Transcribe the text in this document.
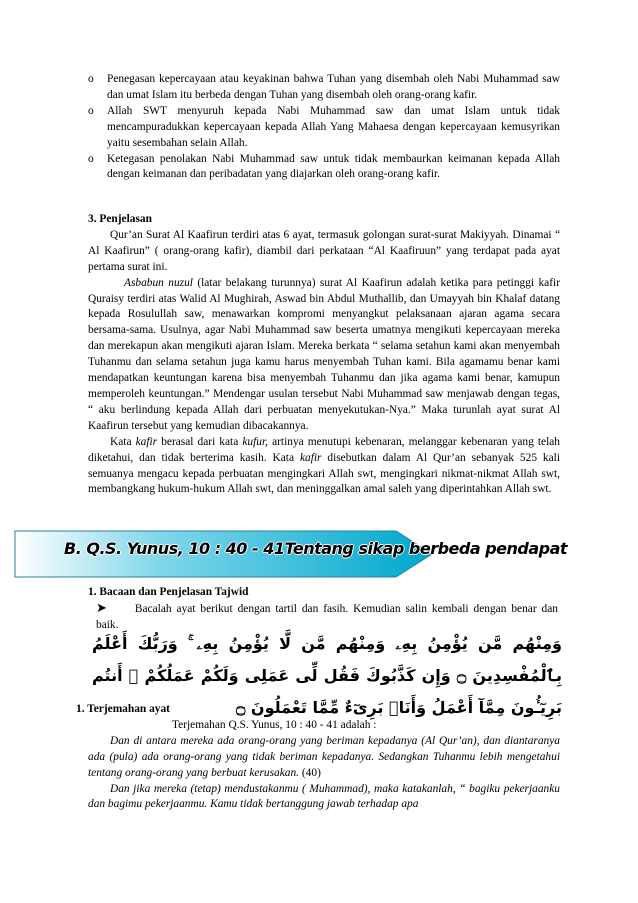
o Penegasan kepercayaan atau keyakinan bahwa Tuhan yang disembah oleh Nabi Muhammad saw dan umat Islam itu berbeda dengan Tuhan yang disembah oleh orang-orang kafir.
o Allah SWT menyuruh kepada Nabi Muhammad saw dan umat Islam untuk tidak mencampuradukkan kepercayaan kepada Allah Yang Mahaesa dengan kepercayaan kemusyrikan yaitu sesembahan selain Allah.
o Ketegasan penolakan Nabi Muhammad saw untuk tidak membaurkan keimanan kepada Allah dengan keimanan dan peribadatan yang diajarkan oleh orang-orang kafir.
3. Penjelasan
Qur’an Surat Al Kaafirun terdiri atas 6 ayat, termasuk golongan surat-surat Makiyyah. Dinamai “ Al Kaafirun” ( orang-orang kafir), diambil dari perkataan “Al Kaafiruun” yang terdapat pada ayat pertama surat ini.
Asbabun nuzul (latar belakang turunnya) surat Al Kaafirun adalah ketika para petinggi kafir Quraisy terdiri atas Walid Al Mughirah, Aswad bin Abdul Muthallib, dan Umayyah bin Khalaf datang kepada Rosulullah saw, menawarkan kompromi menyangkut pelaksanaan ajaran agama secara bersama-sama. Usulnya, agar Nabi Muhammad saw beserta umatnya mengikuti kepercayaan mereka dan merekapun akan mengikuti ajaran Islam. Mereka berkata “ selama setahun kami akan menyembah Tuhanmu dan selama setahun juga kamu harus menyembah Tuhan kami. Bila agamamu benar kami mendapatkan keuntungan karena bisa menyembah Tuhanmu dan jika agama kami benar, kamupun memperoleh keuntungan.” Mendengar usulan tersebut Nabi Muhammad saw menjawab dengan tegas, “ aku berlindung kepada Allah dari perbuatan menyekutukan-Nya.” Maka turunlah ayat surat Al Kaafirun tersebut yang kemudian dibacakannya.
Kata kafir berasal dari kata kufur, artinya menutupi kebenaran, melanggar kebenaran yang telah diketahui, dan tidak berterima kasih. Kata kafir disebutkan dalam Al Qur’an sebanyak 525 kali semuanya mengacu kepada perbuatan mengingkari Allah swt, mengingkari nikmat-nikmat Allah swt, membangkang hukum-hukum Allah swt, dan meninggalkan amal saleh yang diperintahkan Allah swt.
B. Q.S. Yunus, 10 : 40 - 41Tentang sikap berbeda pendapat
1. Bacaan dan Penjelasan Tajwid
➤ Bacalah ayat berikut dengan tartil dan fasih. Kemudian salin kembali dengan benar dan baik.
وَمِنْهُم مَّن يُؤْمِنُ بِهِۦ وَمِنْهُم مَّن لَّا يُؤْمِنُ بِهِۦ ۚ وَرَبُّكَ أَعْلَمُ بِٱلْمُفْسِدِينَ ۝ وَإِن كَذَّبُوكَ فَقُل لِّى عَمَلِى وَلَكُمْ عَمَلُكُمْ ۖ أَنتُم بَرِيٓـُٔونَ مِمَّآ أَعْمَلُ وَأَنَا۠ بَرِىٓءٌ مِّمَّا تَعْمَلُونَ ۝
1. Terjemahan ayat
Terjemahan Q.S. Yunus, 10 : 40 - 41 adalah :
Dan di antara mereka ada orang-orang yang beriman kepadanya (Al Qur’an), dan diantaranya ada (pula) ada orang-orang yang tidak beriman kepadanya. Sedangkan Tuhanmu lebih mengetahui tentang orang-orang yang berbuat kerusakan. (40)
Dan jika mereka (tetap) mendustakanmu ( Muhammad), maka katakanlah, “ bagiku pekerjaanku dan bagimu pekerjaanmu. Kamu tidak bertanggung jawab terhadap apa
